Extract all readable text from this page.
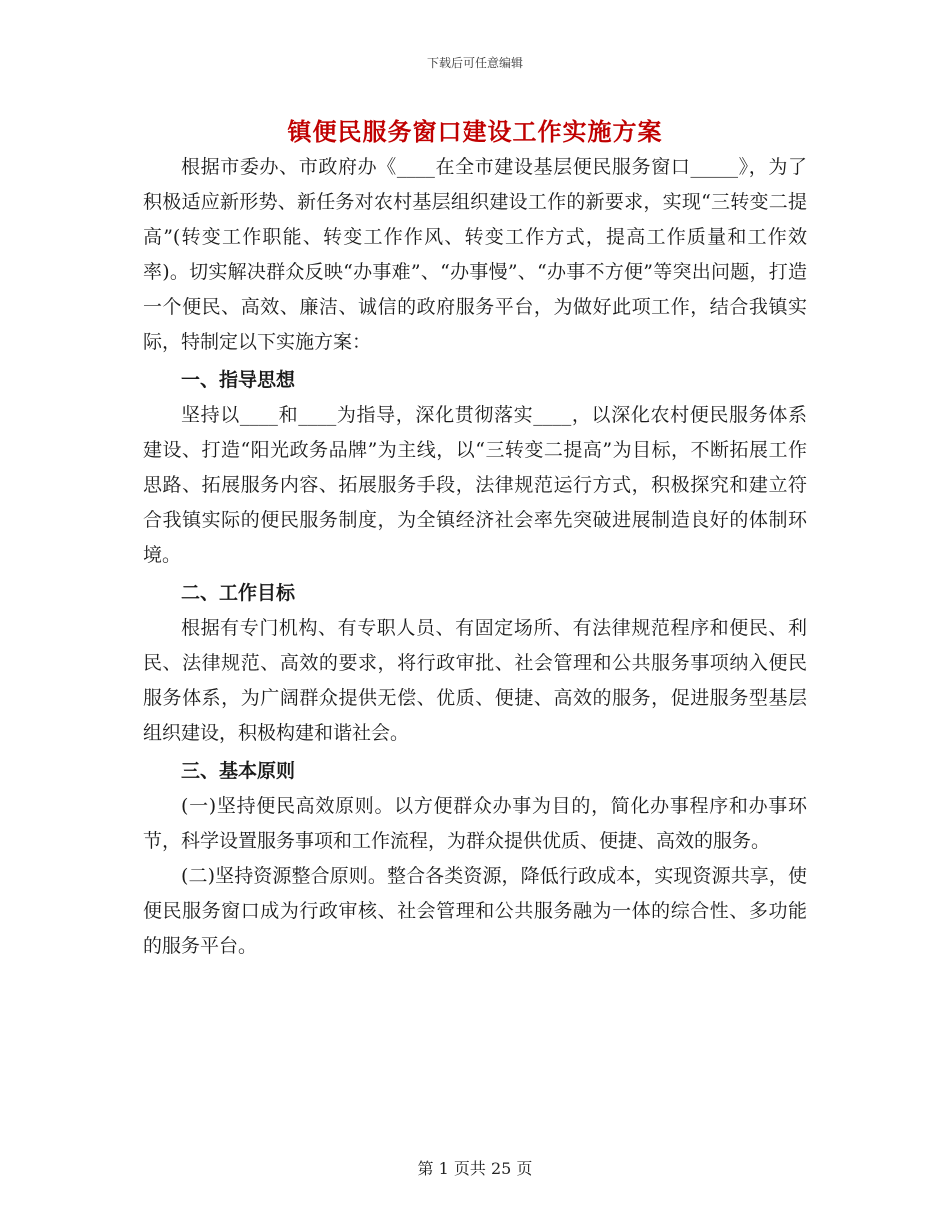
下载后可任意编辑
镇便民服务窗口建设工作实施方案

根据市委办、市政府办《____在全市建设基层便民服务窗口_____》，为了积极适应新形势、新任务对农村基层组织建设工作的新要求，实现“三转变二提高”(转变工作职能、转变工作作风、转变工作方式，提高工作质量和工作效率)。切实解决群众反映“办事难”、“办事慢”、“办事不方便”等突出问题，打造一个便民、高效、廉洁、诚信的政府服务平台，为做好此项工作，结合我镇实际，特制定以下实施方案：

一、指导思想

坚持以____和____为指导，深化贯彻落实____，以深化农村便民服务体系建设、打造“阳光政务品牌”为主线，以“三转变二提高”为目标，不断拓展工作思路、拓展服务内容、拓展服务手段，法律规范运行方式，积极探究和建立符合我镇实际的便民服务制度，为全镇经济社会率先突破进展制造良好的体制环境。

二、工作目标

根据有专门机构、有专职人员、有固定场所、有法律规范程序和便民、利民、法律规范、高效的要求，将行政审批、社会管理和公共服务事项纳入便民服务体系，为广阔群众提供无偿、优质、便捷、高效的服务，促进服务型基层组织建设，积极构建和谐社会。

三、基本原则

(一)坚持便民高效原则。以方便群众办事为目的，简化办事程序和办事环节，科学设置服务事项和工作流程，为群众提供优质、便捷、高效的服务。

(二)坚持资源整合原则。整合各类资源，降低行政成本，实现资源共享，使便民服务窗口成为行政审核、社会管理和公共服务融为一体的综合性、多功能的服务平台。

第 1 页共 25 页
